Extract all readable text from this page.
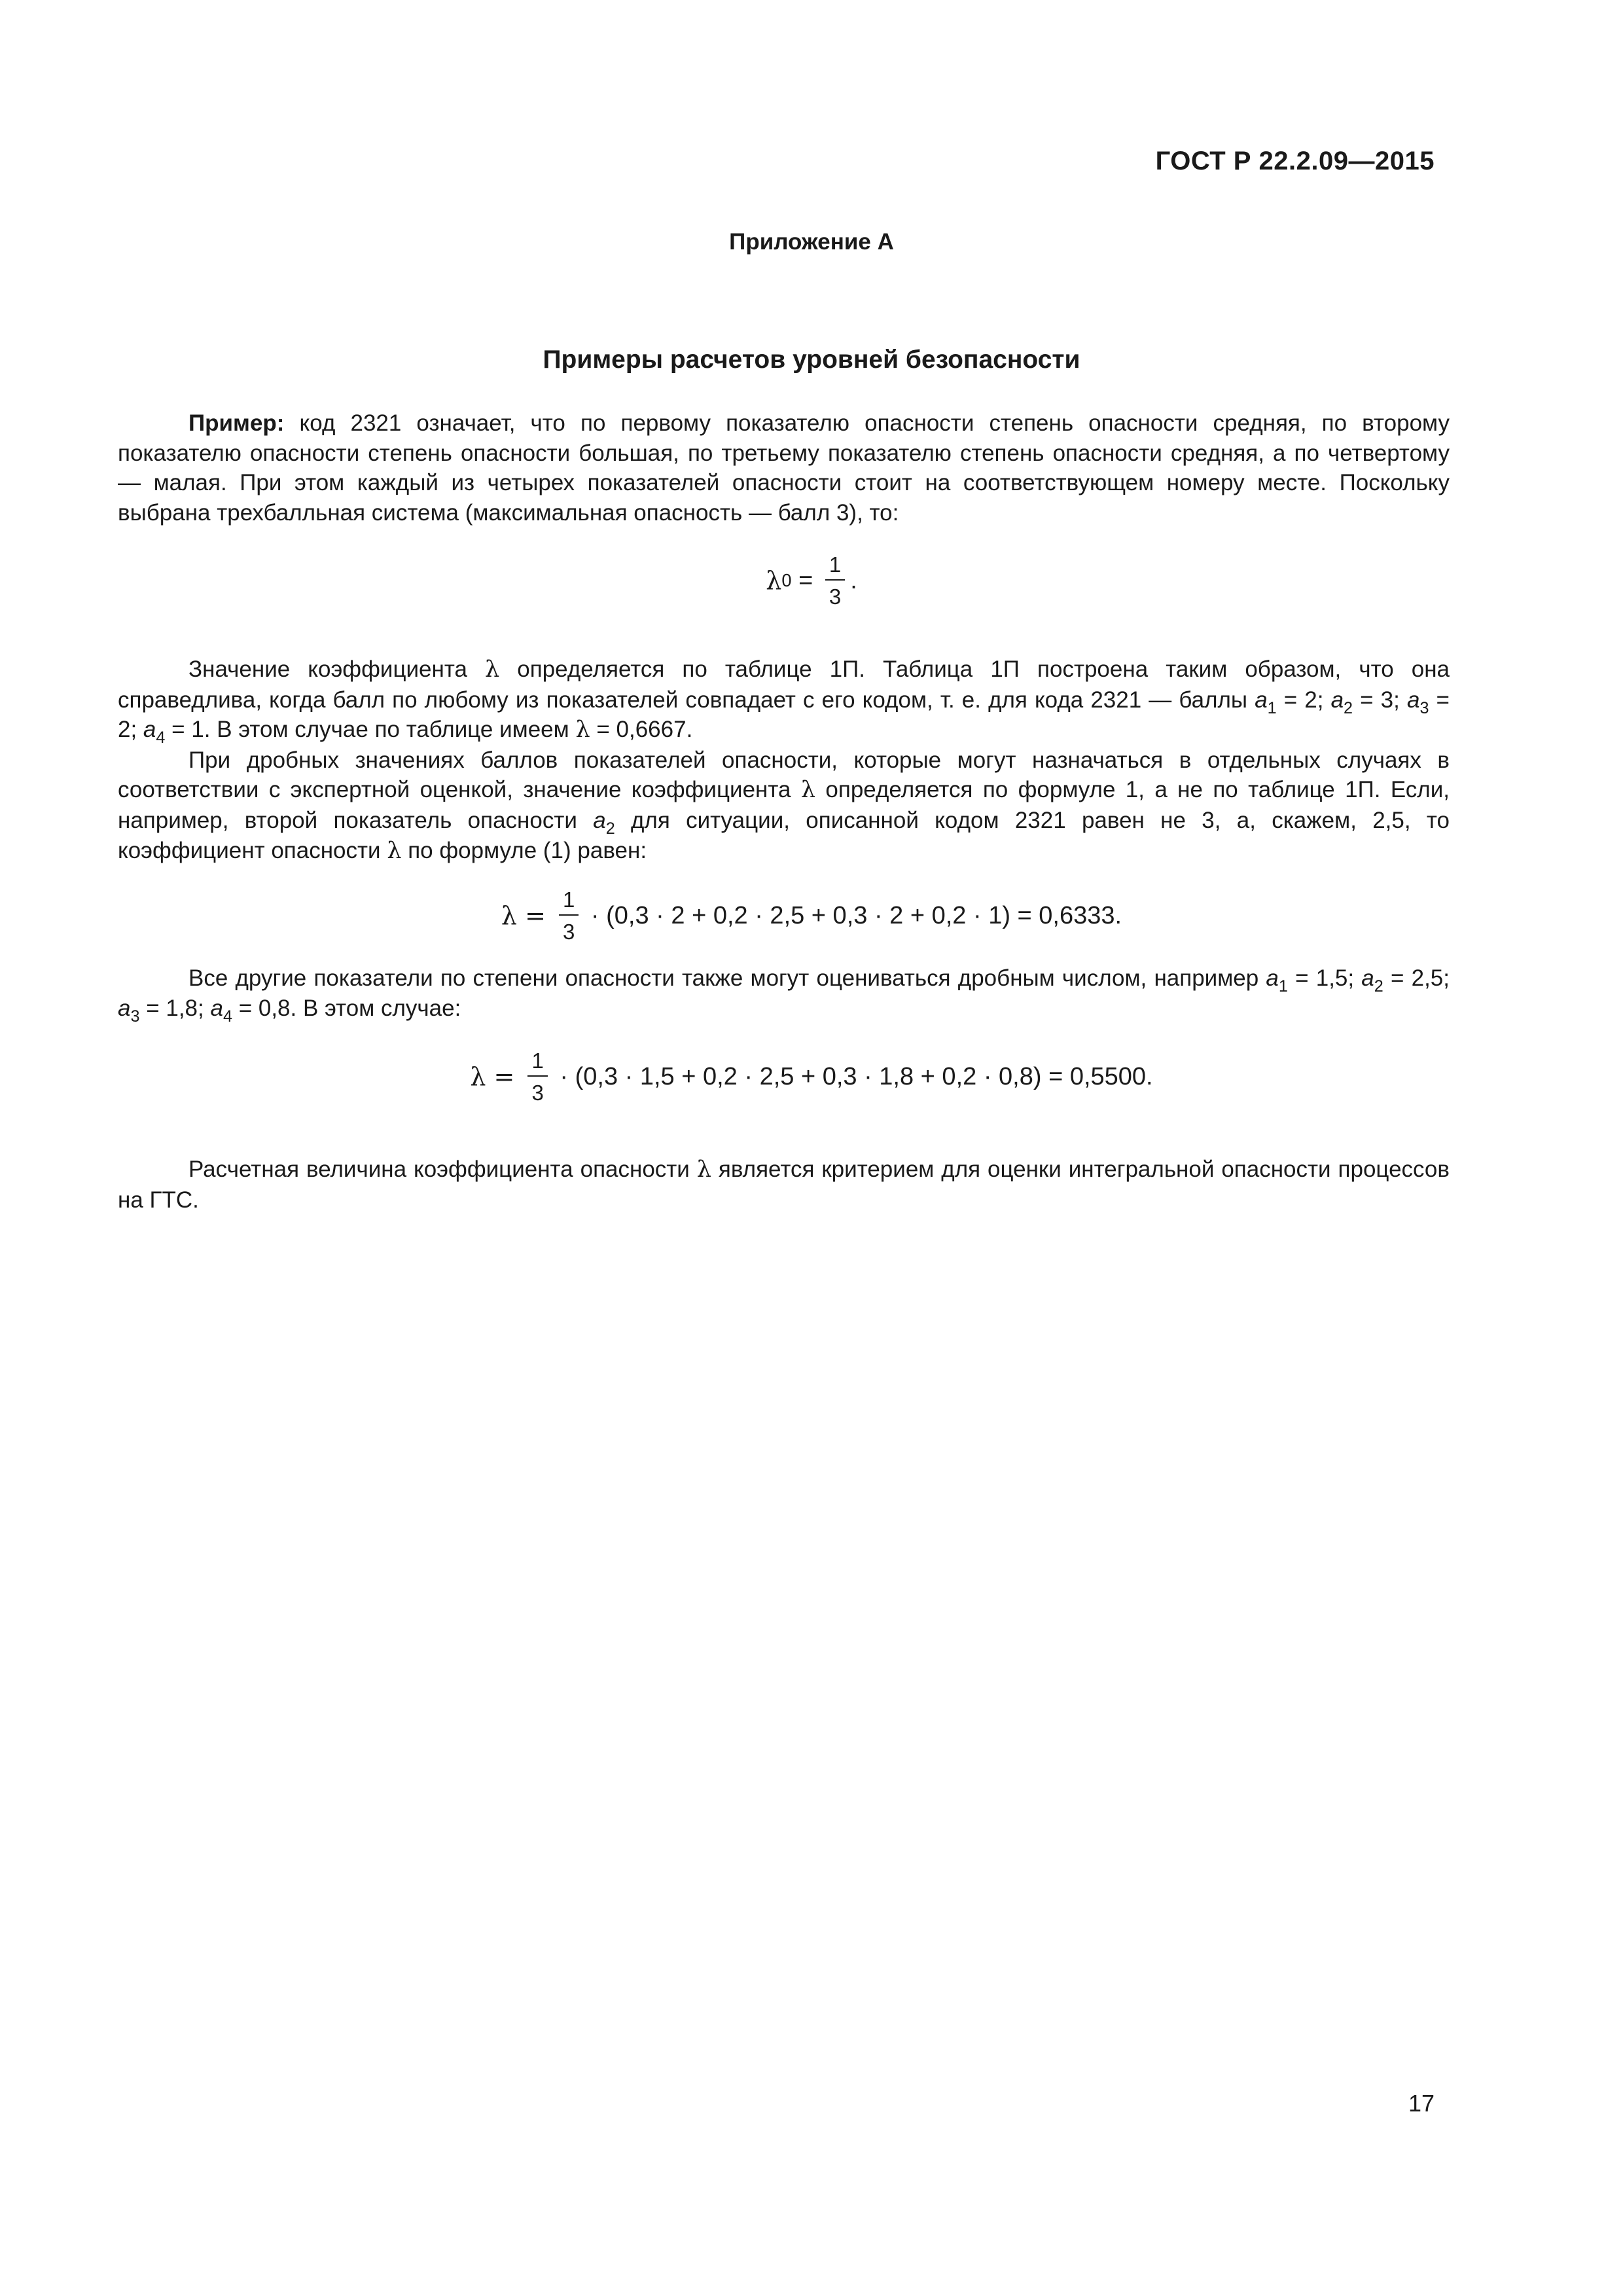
ГОСТ Р 22.2.09—2015
Приложение А
Примеры расчетов уровней безопасности

Пример: код 2321 означает, что по первому показателю опасности степень опасности средняя, по второму показателю опасности степень опасности большая, по третьему показателю степень опасности средняя, а по четвертому — малая. При этом каждый из четырех показателей опасности стоит на соответствующем номеру месте. Поскольку выбрана трехбалльная система (максимальная опасность — балл 3), то:

λ $0 = \frac{1}{3}$ .

Значение коэффициента λ определяется по таблице 1П. Таблица 1П построена таким образом, что она справедлива, когда балл по любому из показателей совпадает с его кодом, т. е. для кода 2321 — баллы $a_1 = 2$; $a_2 = 3$; $a_3 = 2$; $a_4 = 1$. В этом случае по таблице имеем λ = 0,6667.

При дробных значениях баллов показателей опасности, которые могут назначаться в отдельных случаях в соответствии с экспертной оценкой, значение коэффициента λ определяется по формуле 1, а не по таблице 1П. Если, например, второй показатель опасности $a_2$ для ситуации, описанной кодом 2321 равен не 3, а, скажем, 2,5, то коэффициент опасности λ по формуле (1) равен:

$\lambda = \frac{1}{3} \cdot (0,3 \cdot 2 + 0,2 \cdot 2,5 + 0,3 \cdot 2 + 0,2 \cdot 1) = 0,6333$.

Все другие показатели по степени опасности также могут оцениваться дробным числом, например $a_1 = 1,5$; $a_2 = 2,5$; $a_3 = 1,8$; $a_4 = 0,8$. В этом случае:

$\lambda = \frac{1}{3} \cdot (0,3 \cdot 1,5 + 0,2 \cdot 2,5 + 0,3 \cdot 1,8 + 0,2 \cdot 0,8) = 0,5500$.

Расчетная величина коэффициента опасности λ является критерием для оценки интегральной опасности процессов на ГТС.

17
